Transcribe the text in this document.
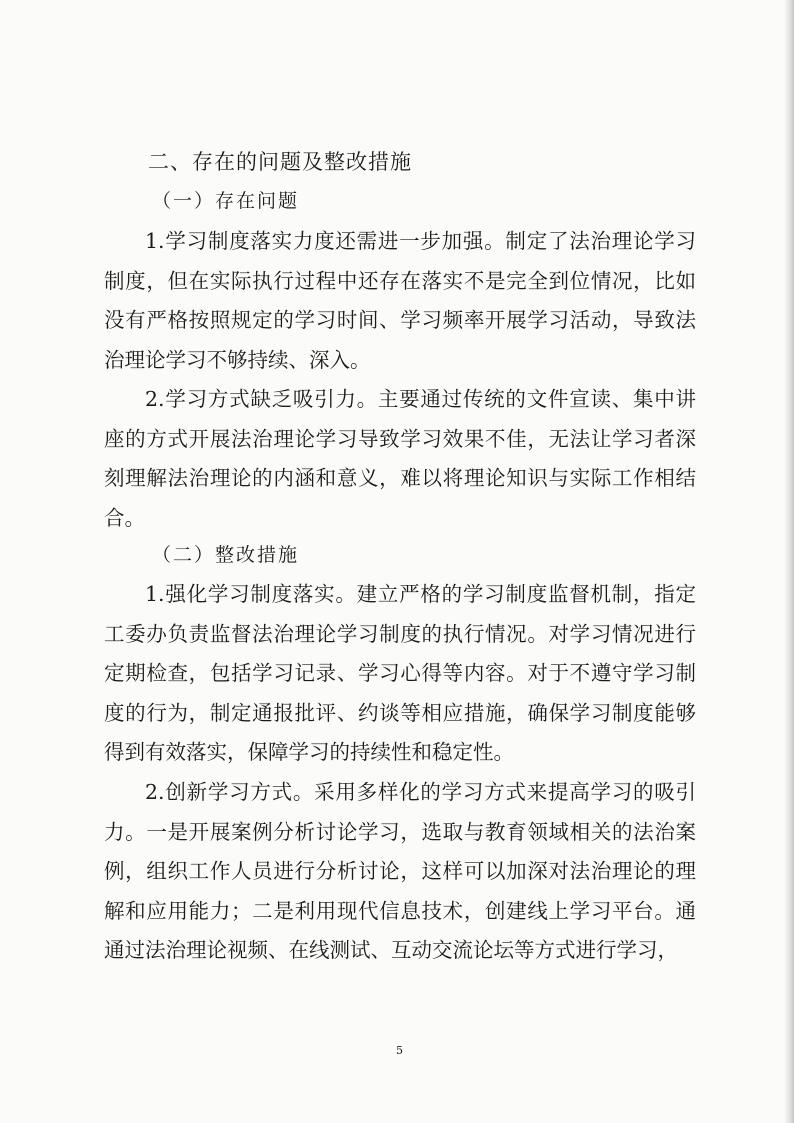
二、存在的问题及整改措施
（一）存在问题

1.学习制度落实力度还需进一步加强。制定了法治理论学习制度，但在实际执行过程中还存在落实不是完全到位情况，比如没有严格按照规定的学习时间、学习频率开展学习活动，导致法治理论学习不够持续、深入。

2.学习方式缺乏吸引力。主要通过传统的文件宣读、集中讲座的方式开展法治理论学习导致学习效果不佳，无法让学习者深刻理解法治理论的内涵和意义，难以将理论知识与实际工作相结合。

（二）整改措施

1.强化学习制度落实。建立严格的学习制度监督机制，指定工委办负责监督法治理论学习制度的执行情况。对学习情况进行定期检查，包括学习记录、学习心得等内容。对于不遵守学习制度的行为，制定通报批评、约谈等相应措施，确保学习制度能够得到有效落实，保障学习的持续性和稳定性。

2.创新学习方式。采用多样化的学习方式来提高学习的吸引力。一是开展案例分析讨论学习，选取与教育领域相关的法治案例，组织工作人员进行分析讨论，这样可以加深对法治理论的理解和应用能力；二是利用现代信息技术，创建线上学习平台。通通过法治理论视频、在线测试、互动交流论坛等方式进行学习，

5
